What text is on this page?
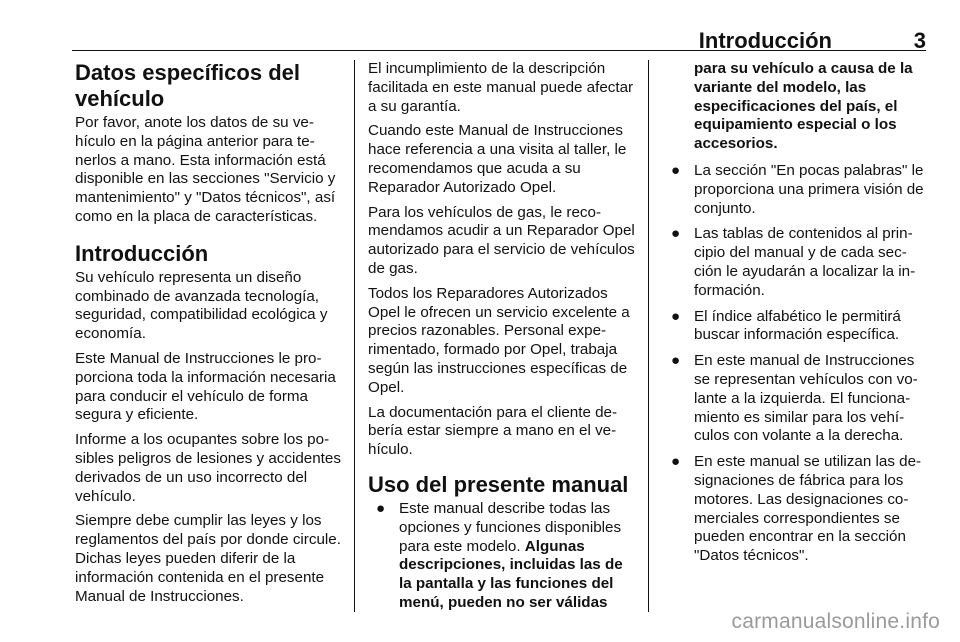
Introducción	3
Datos específicos del vehículo

Por favor, anote los datos de su vehículo en la página anterior para tenerlos a mano. Esta información está disponible en las secciones "Servicio y mantenimiento" y "Datos técnicos", así como en la placa de características.

Introducción

Su vehículo representa un diseño combinado de avanzada tecnología, seguridad, compatibilidad ecológica y economía.

Este Manual de Instrucciones le proporciona toda la información necesaria para conducir el vehículo de forma segura y eficiente.

Informe a los ocupantes sobre los posibles peligros de lesiones y accidentes derivados de un uso incorrecto del vehículo.

Siempre debe cumplir las leyes y los reglamentos del país por donde circule. Dichas leyes pueden diferir de la información contenida en el presente Manual de Instrucciones.

El incumplimiento de la descripción facilitada en este manual puede afectar a su garantía.

Cuando este Manual de Instrucciones hace referencia a una visita al taller, le recomendamos que acuda a su Reparador Autorizado Opel.

Para los vehículos de gas, le recomendamos acudir a un Reparador Opel autorizado para el servicio de vehículos de gas.

Todos los Reparadores Autorizados Opel le ofrecen un servicio excelente a precios razonables. Personal experimentado, formado por Opel, trabaja según las instrucciones específicas de Opel.

La documentación para el cliente debería estar siempre a mano en el vehículo.

Uso del presente manual
● Este manual describe todas las opciones y funciones disponibles para este modelo. Algunas descripciones, incluidas las de la pantalla y las funciones del menú, pueden no ser válidas
para su vehículo a causa de la variante del modelo, las especificaciones del país, el equipamiento especial o los accesorios.
● La sección "En pocas palabras" le proporciona una primera visión de conjunto.
● Las tablas de contenidos al principio del manual y de cada sección le ayudarán a localizar la información.
● El índice alfabético le permitirá buscar información específica.
● En este manual de Instrucciones se representan vehículos con volante a la izquierda. El funcionamiento es similar para los vehículos con volante a la derecha.
● En este manual se utilizan las designaciones de fábrica para los motores. Las designaciones comerciales correspondientes se pueden encontrar en la sección "Datos técnicos".
carmanualsonline.info
